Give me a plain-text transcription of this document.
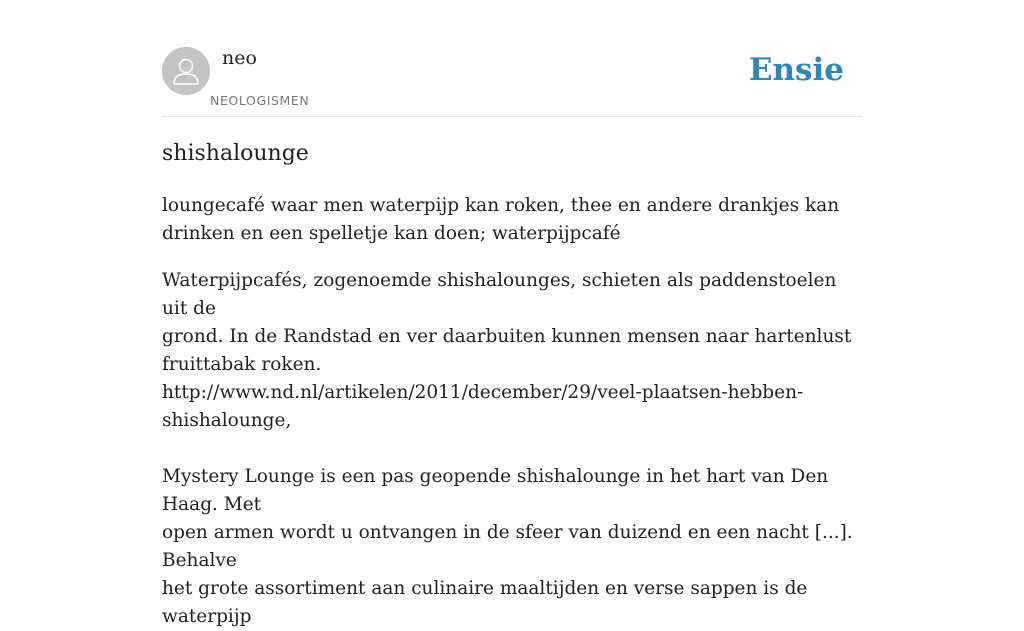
neo
NEOLOGISMEN
Ensie
shishalounge

loungecafé waar men waterpijp kan roken, thee en andere drankjes kan drinken en een spelletje kan doen; waterpijpcafé

Waterpijpcafés, zogenoemde shishalounges, schieten als paddenstoelen uit de
grond. In de Randstad en ver daarbuiten kunnen mensen naar hartenlust
fruittabak roken.
http://www.nd.nl/artikelen/2011/december/29/veel-plaatsen-hebben-
shishalounge,
Mystery Lounge is een pas geopende shishalounge in het hart van Den Haag. Met
open armen wordt u ontvangen in de sfeer van duizend en een nacht [...]. Behalve
het grote assortiment aan culinaire maaltijden en verse sappen is de waterpijp
